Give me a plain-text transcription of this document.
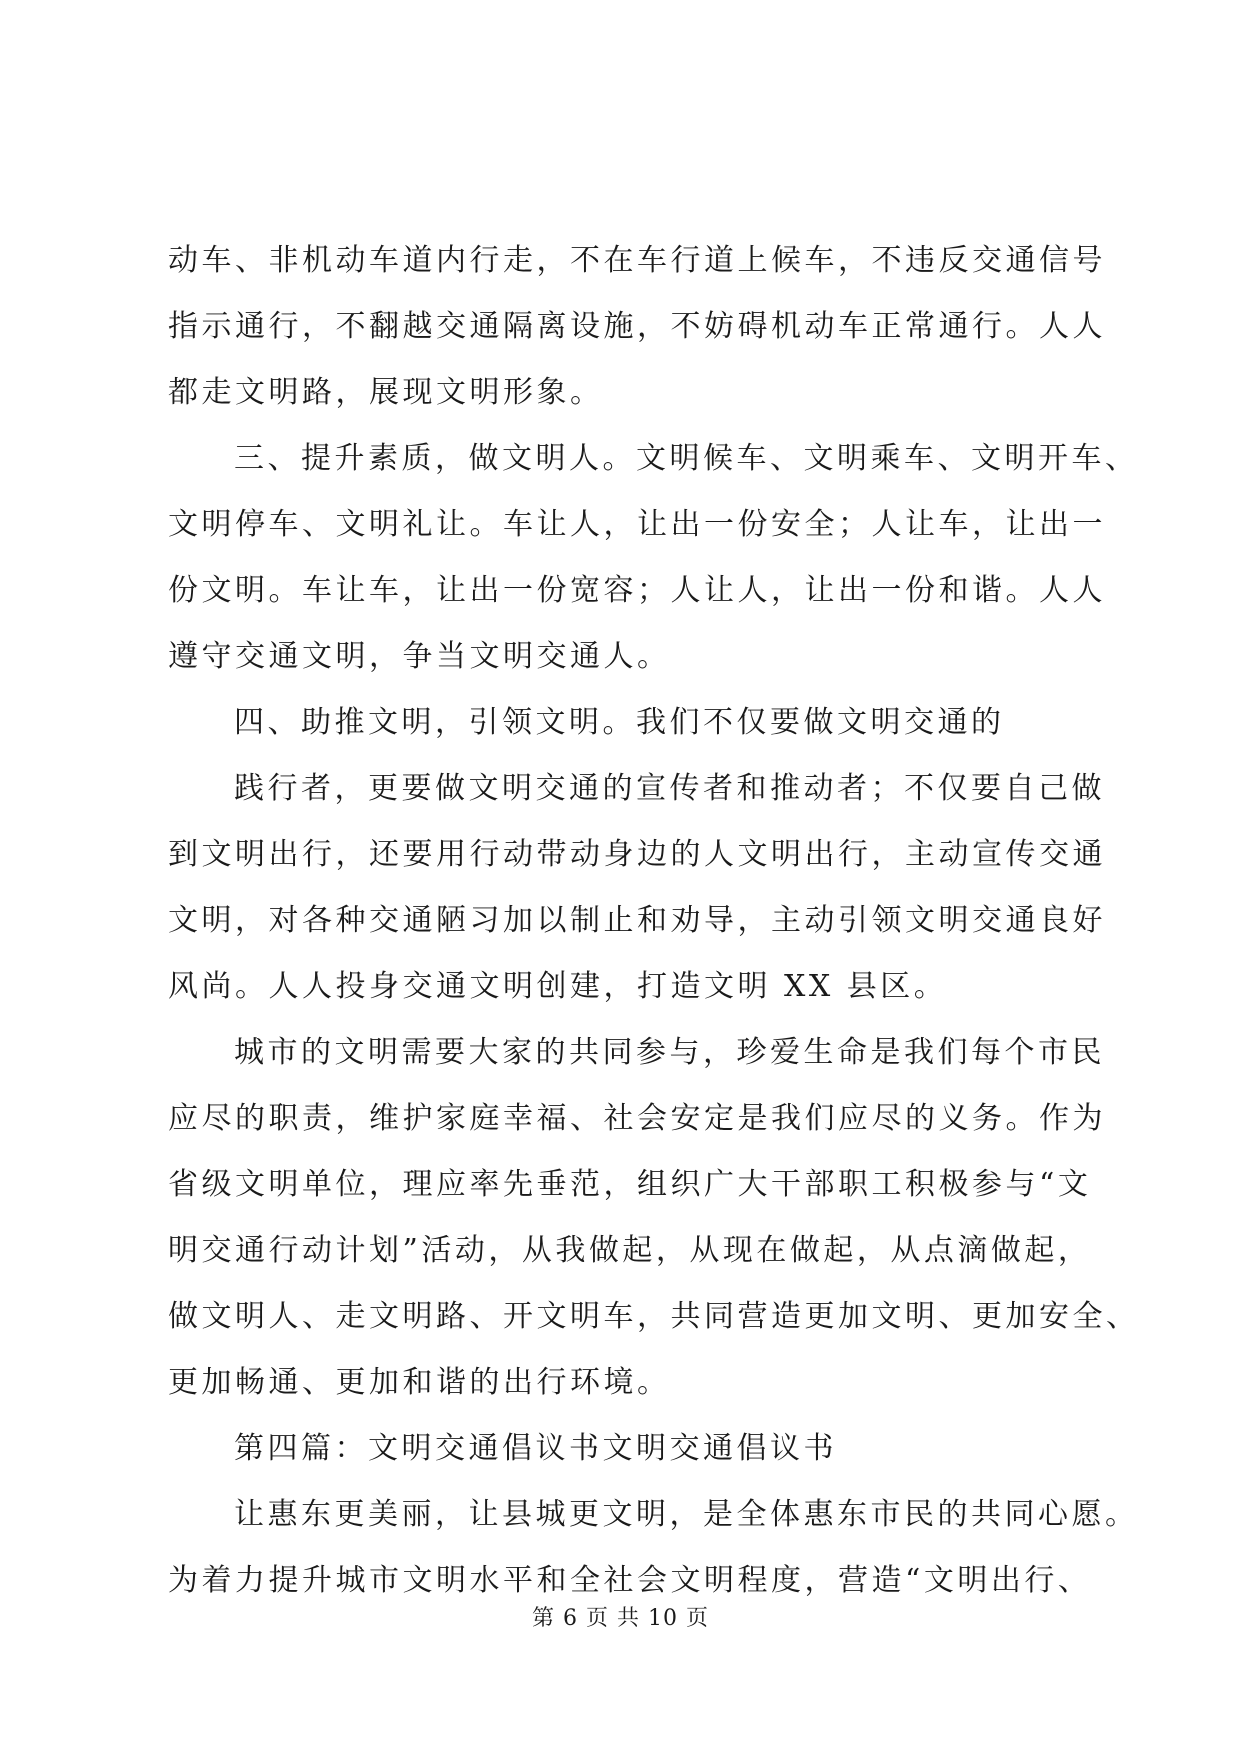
动车、非机动车道内行走，不在车行道上候车，不违反交通信号
指示通行，不翻越交通隔离设施，不妨碍机动车正常通行。人人
都走文明路，展现文明形象。
三、提升素质，做文明人。文明候车、文明乘车、文明开车、
文明停车、文明礼让。车让人，让出一份安全；人让车，让出一
份文明。车让车，让出一份宽容；人让人，让出一份和谐。人人
遵守交通文明，争当文明交通人。
四、助推文明，引领文明。我们不仅要做文明交通的
践行者，更要做文明交通的宣传者和推动者；不仅要自己做
到文明出行，还要用行动带动身边的人文明出行，主动宣传交通
文明，对各种交通陋习加以制止和劝导，主动引领文明交通良好
风尚。人人投身交通文明创建，打造文明 XX 县区。
城市的文明需要大家的共同参与，珍爱生命是我们每个市民
应尽的职责，维护家庭幸福、社会安定是我们应尽的义务。作为
省级文明单位，理应率先垂范，组织广大干部职工积极参与“文
明交通行动计划”活动，从我做起，从现在做起，从点滴做起，
做文明人、走文明路、开文明车，共同营造更加文明、更加安全、
更加畅通、更加和谐的出行环境。
第四篇：文明交通倡议书文明交通倡议书
让惠东更美丽，让县城更文明，是全体惠东市民的共同心愿。
为着力提升城市文明水平和全社会文明程度，营造“文明出行、
第 6 页 共 10 页
